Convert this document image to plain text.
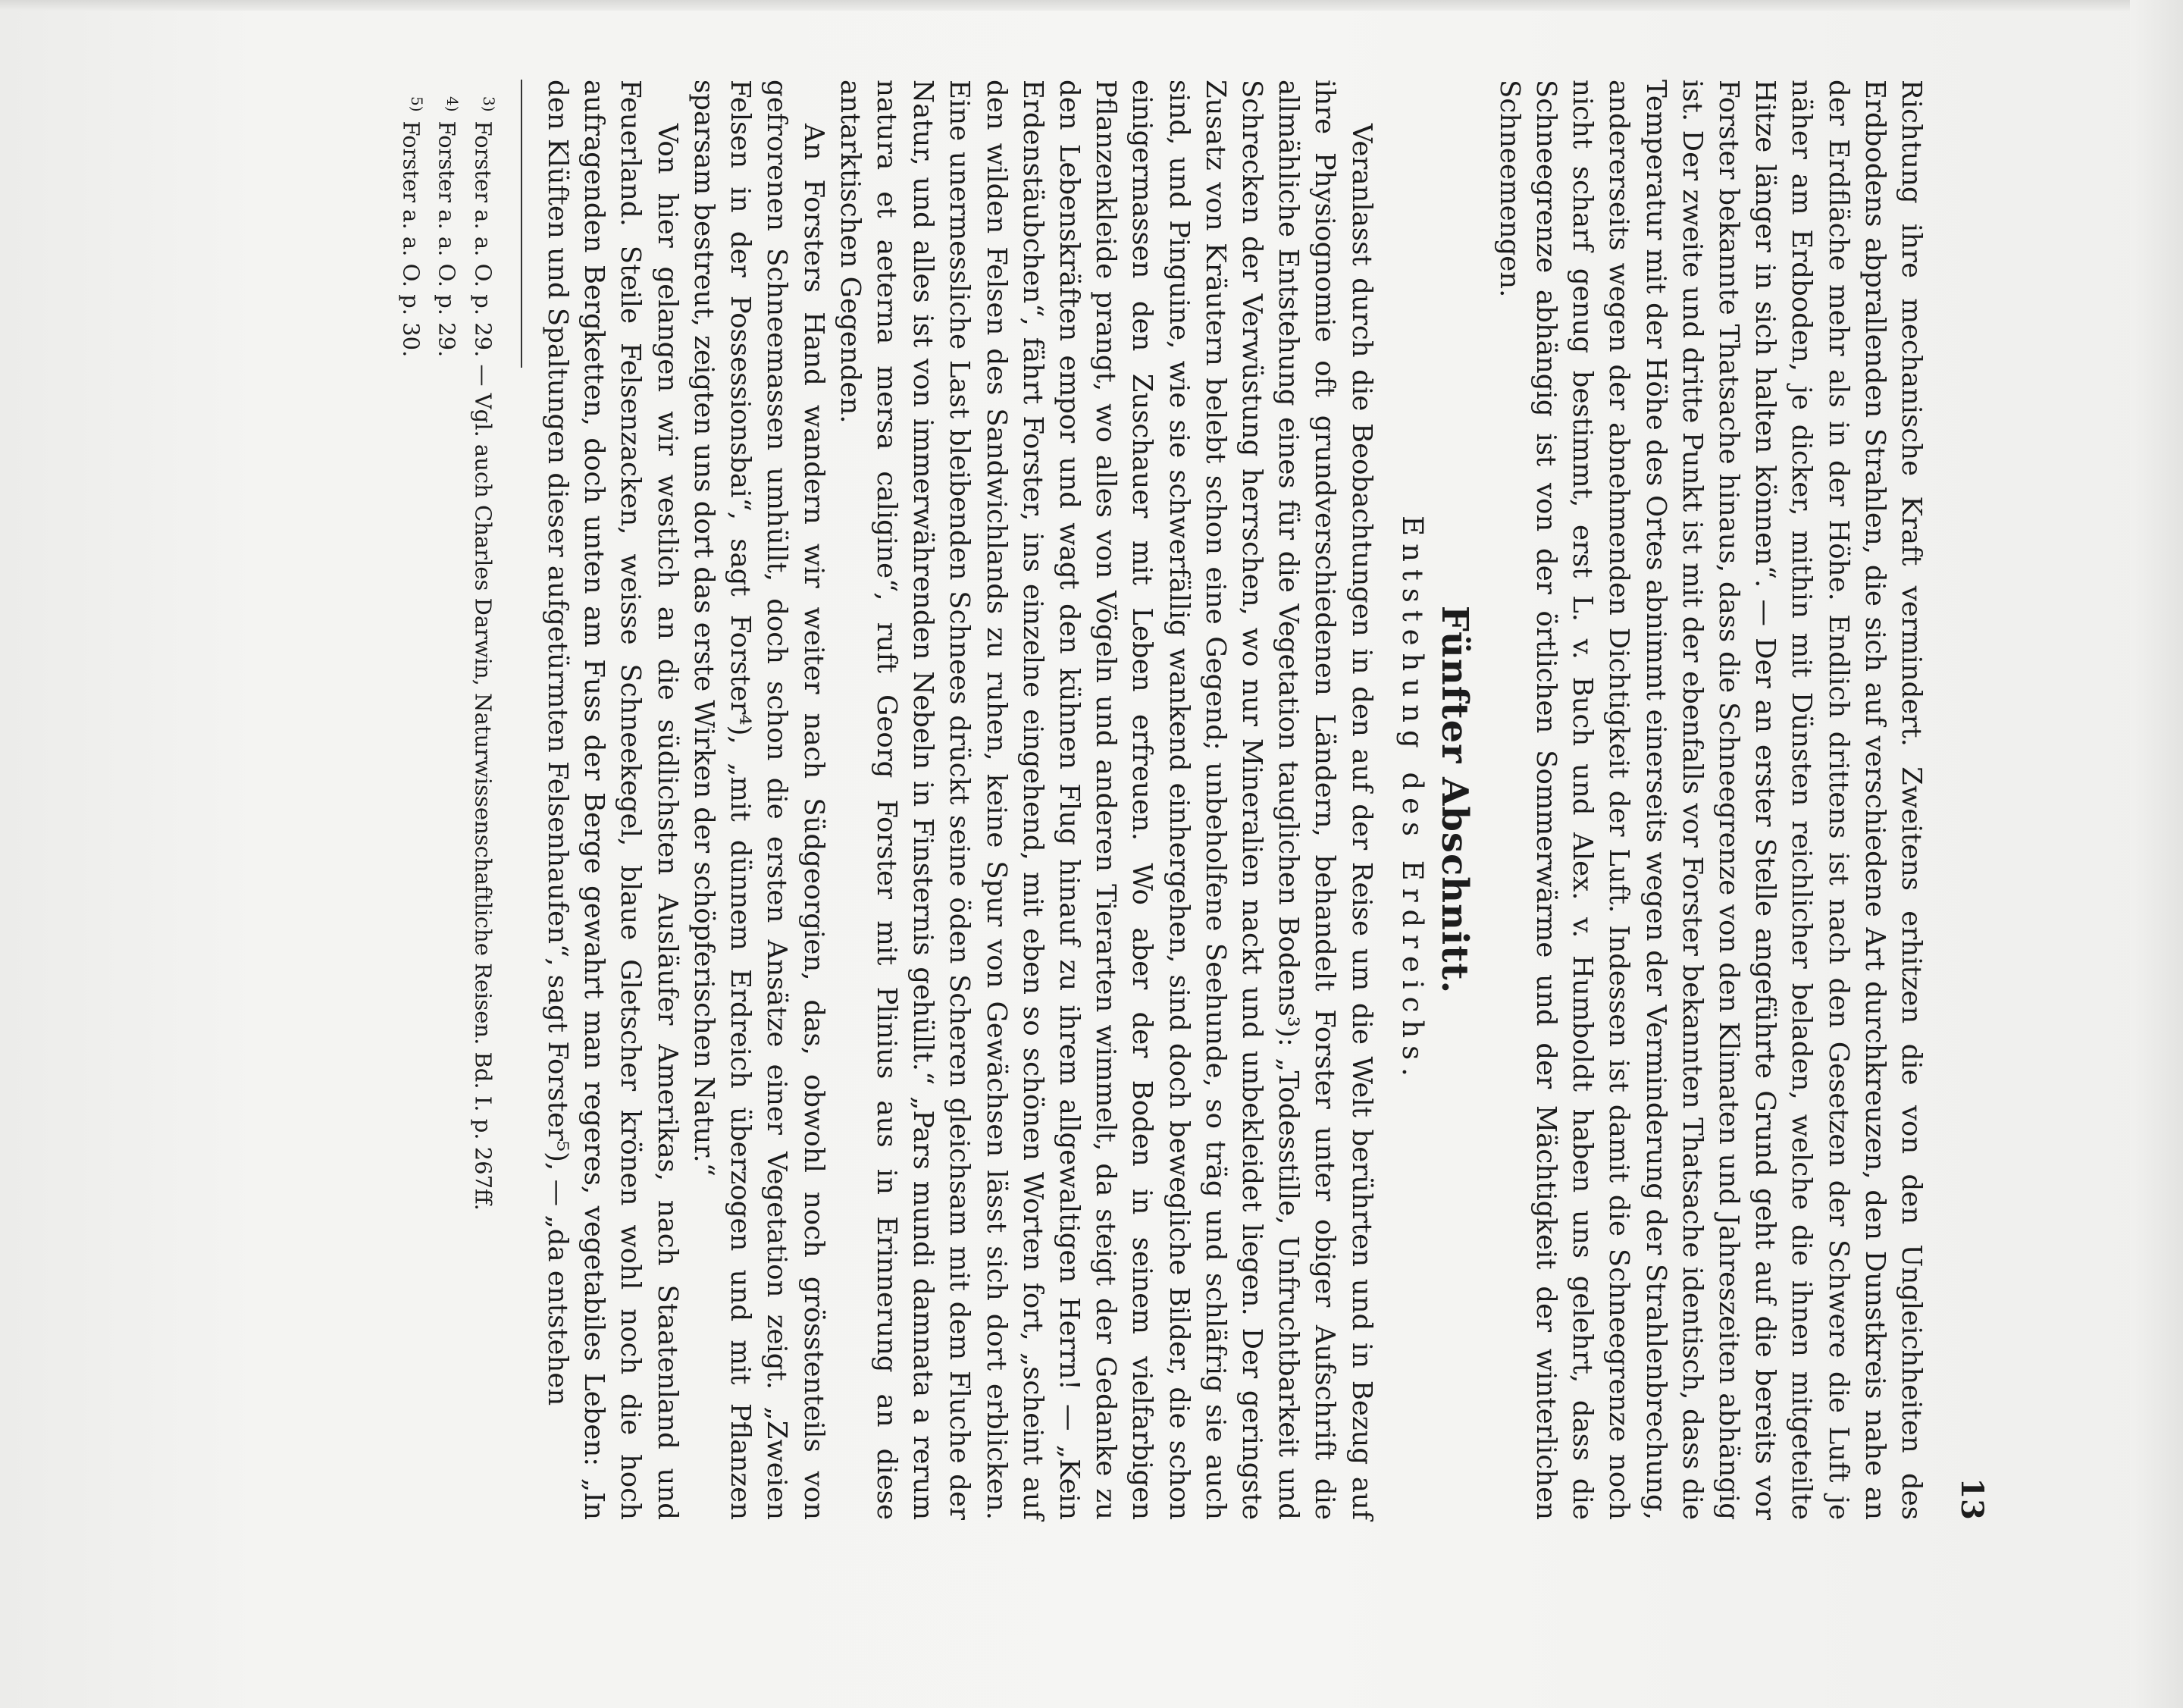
13

Richtung ihre mechanische Kraft vermindert. Zweitens erhitzen die von den Ungleichheiten des Erdbodens abprallenden Strahlen, die sich auf verschiedene Art durchkreuzen, den Dunstkreis nahe an der Erdfläche mehr als in der Höhe. Endlich drittens ist nach den Gesetzen der Schwere die Luft je näher am Erdboden, je dicker, mithin mit Dünsten reichlicher beladen, welche die ihnen mitgeteilte Hitze länger in sich halten können“. — Der an erster Stelle angeführte Grund geht auf die bereits vor Forster bekannte Thatsache hinaus, dass die Schneegrenze von den Klimaten und Jahreszeiten abhängig ist. Der zweite und dritte Punkt ist mit der ebenfalls vor Forster bekannten Thatsache identisch, dass die Temperatur mit der Höhe des Ortes abnimmt einerseits wegen der Verminderung der Strahlenbrechung, andererseits wegen der abnehmenden Dichtigkeit der Luft. Indessen ist damit die Schneegrenze noch nicht scharf genug bestimmt, erst L. v. Buch und Alex. v. Humboldt haben uns gelehrt, dass die Schneegrenze abhängig ist von der örtlichen Sommerwärme und der Mächtigkeit der winterlichen Schneemengen.

Fünfter Abschnitt.
Entstehung des Erdreichs.

Veranlasst durch die Beobachtungen in den auf der Reise um die Welt berührten und in Bezug auf ihre Physiognomie oft grundverschiedenen Ländern, behandelt Forster unter obiger Aufschrift die allmähliche Entstehung eines für die Vegetation tauglichen Bodens³): „Todesstille, Unfruchtbarkeit und Schrecken der Verwüstung herrschen, wo nur Mineralien nackt und unbekleidet liegen. Der geringste Zusatz von Kräutern belebt schon eine Gegend; unbeholfene Seehunde, so träg und schläfrig sie auch sind, und Pinguine, wie sie schwerfällig wankend einhergehen, sind doch bewegliche Bilder, die schon einigermassen den Zuschauer mit Leben erfreuen. Wo aber der Boden in seinem vielfarbigen Pflanzenkleide prangt, wo alles von Vögeln und anderen Tierarten wimmelt, da steigt der Gedanke zu den Lebenskräften empor und wagt den kühnen Flug hinauf zu ihrem allgewaltigen Herrn! — „Kein Erdenstäubchen“, fährt Forster, ins einzelne eingehend, mit eben so schönen Worten fort, „scheint auf den wilden Felsen des Sandwichlands zu ruhen, keine Spur von Gewächsen lässt sich dort erblicken. Eine unermessliche Last bleibenden Schnees drückt seine öden Scheren gleichsam mit dem Fluche der Natur, und alles ist von immerwährenden Nebeln in Finsternis gehüllt.“ „Pars mundi damnata a rerum natura et aeterna mersa caligine“, ruft Georg Forster mit Plinius aus in Erinnerung an diese antarktischen Gegenden.

An Forsters Hand wandern wir weiter nach Südgeorgien, das, obwohl noch grösstenteils von gefrorenen Schneemassen umhüllt, doch schon die ersten Ansätze einer Vegetation zeigt. „Zweien Felsen in der Possessionsbai“, sagt Forster⁴), „mit dünnem Erdreich überzogen und mit Pflanzen sparsam bestreut, zeigten uns dort das erste Wirken der schöpferischen Natur.“

Von hier gelangen wir westlich an die südlichsten Ausläufer Amerikas, nach Staatenland und Feuerland. Steile Felsenzacken, weisse Schneekegel, blaue Gletscher krönen wohl noch die hoch aufragenden Bergketten, doch unten am Fuss der Berge gewahrt man regeres, vegetabiles Leben: „In den Klüften und Spaltungen dieser aufgetürmten Felsenhaufen“, sagt Forster⁵), — „da entstehen

$^{3)}$Forster a. a. O. p. 29. — Vgl. auch Charles Darwin, Naturwissenschaftliche Reisen. Bd. I. p. 267ff.
$^{4)}$Forster a. a. O. p. 29.
$^{5)}$Forster a. a. O. p. 30.
